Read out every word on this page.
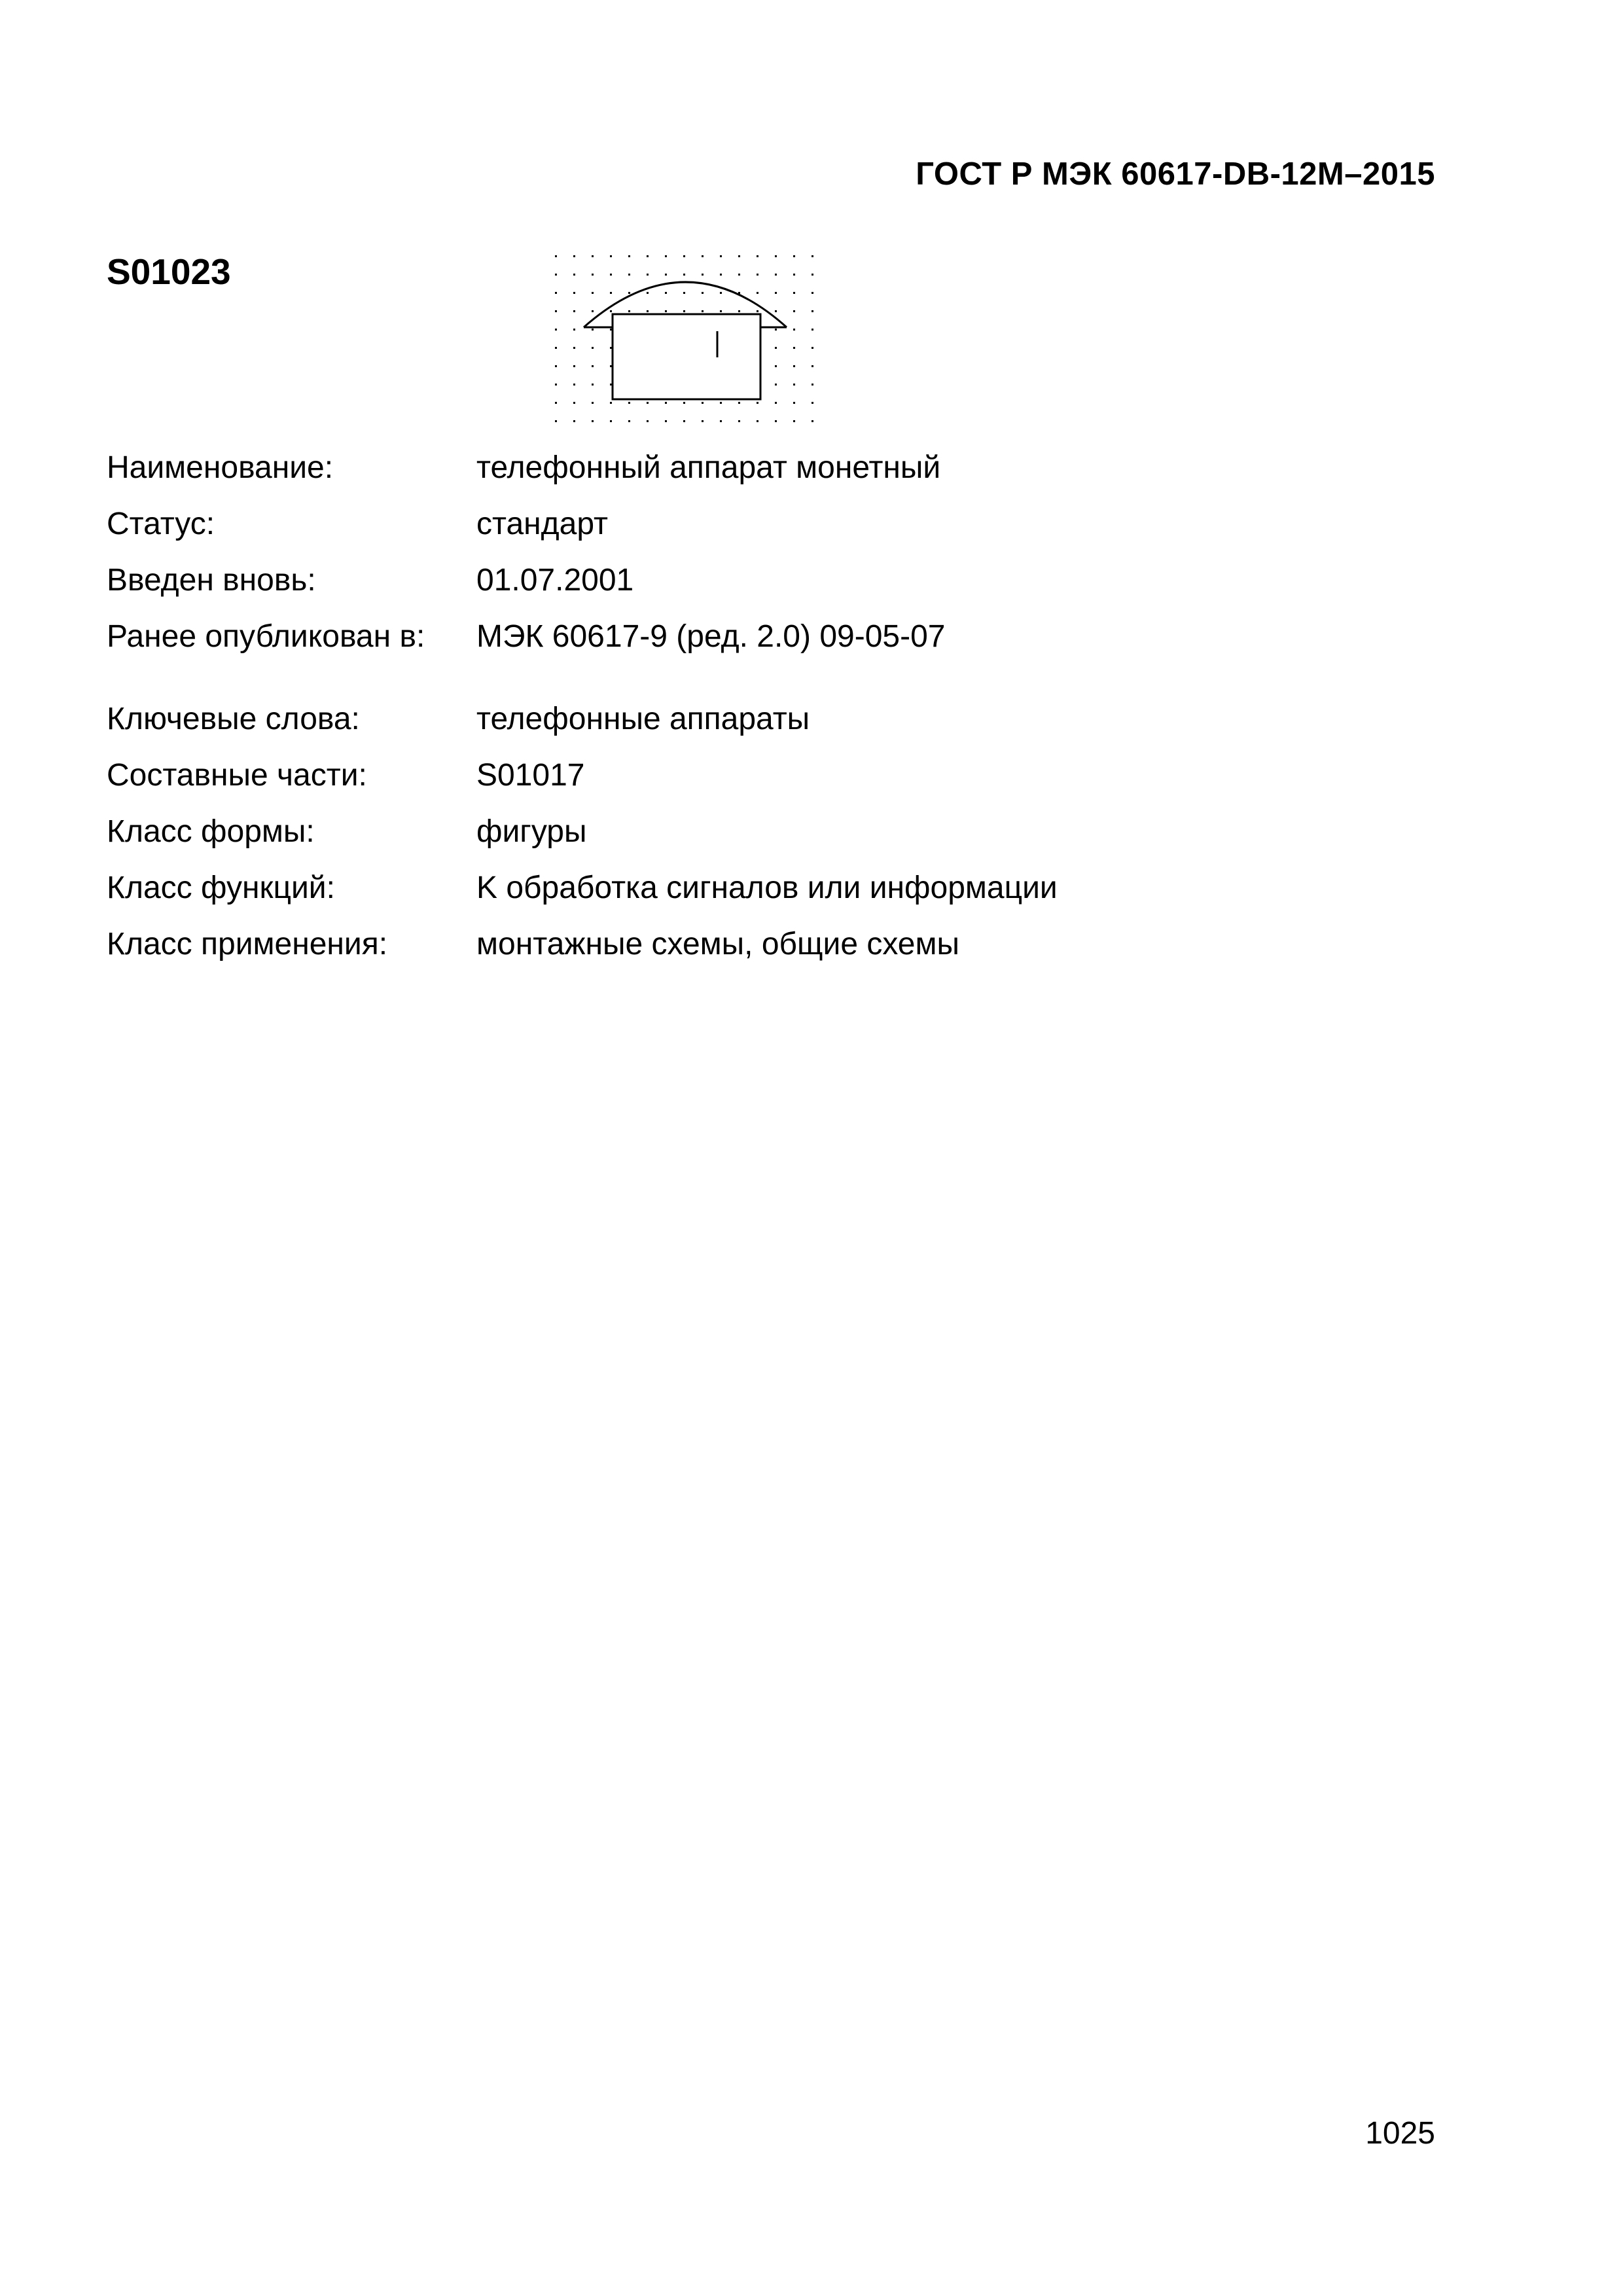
ГОСТ Р МЭК 60617-DB-12M–2015
S01023
Наименование:	телефонный аппарат монетный
Статус:	стандарт
Введен вновь:	01.07.2001
Ранее опубликован в:	МЭК 60617-9 (ред. 2.0) 09-05-07
Ключевые слова:	телефонные аппараты
Составные части:	S01017
Класс формы:	фигуры
Класс функций:	K обработка сигналов или информации
Класс применения:	монтажные схемы, общие схемы
1025
